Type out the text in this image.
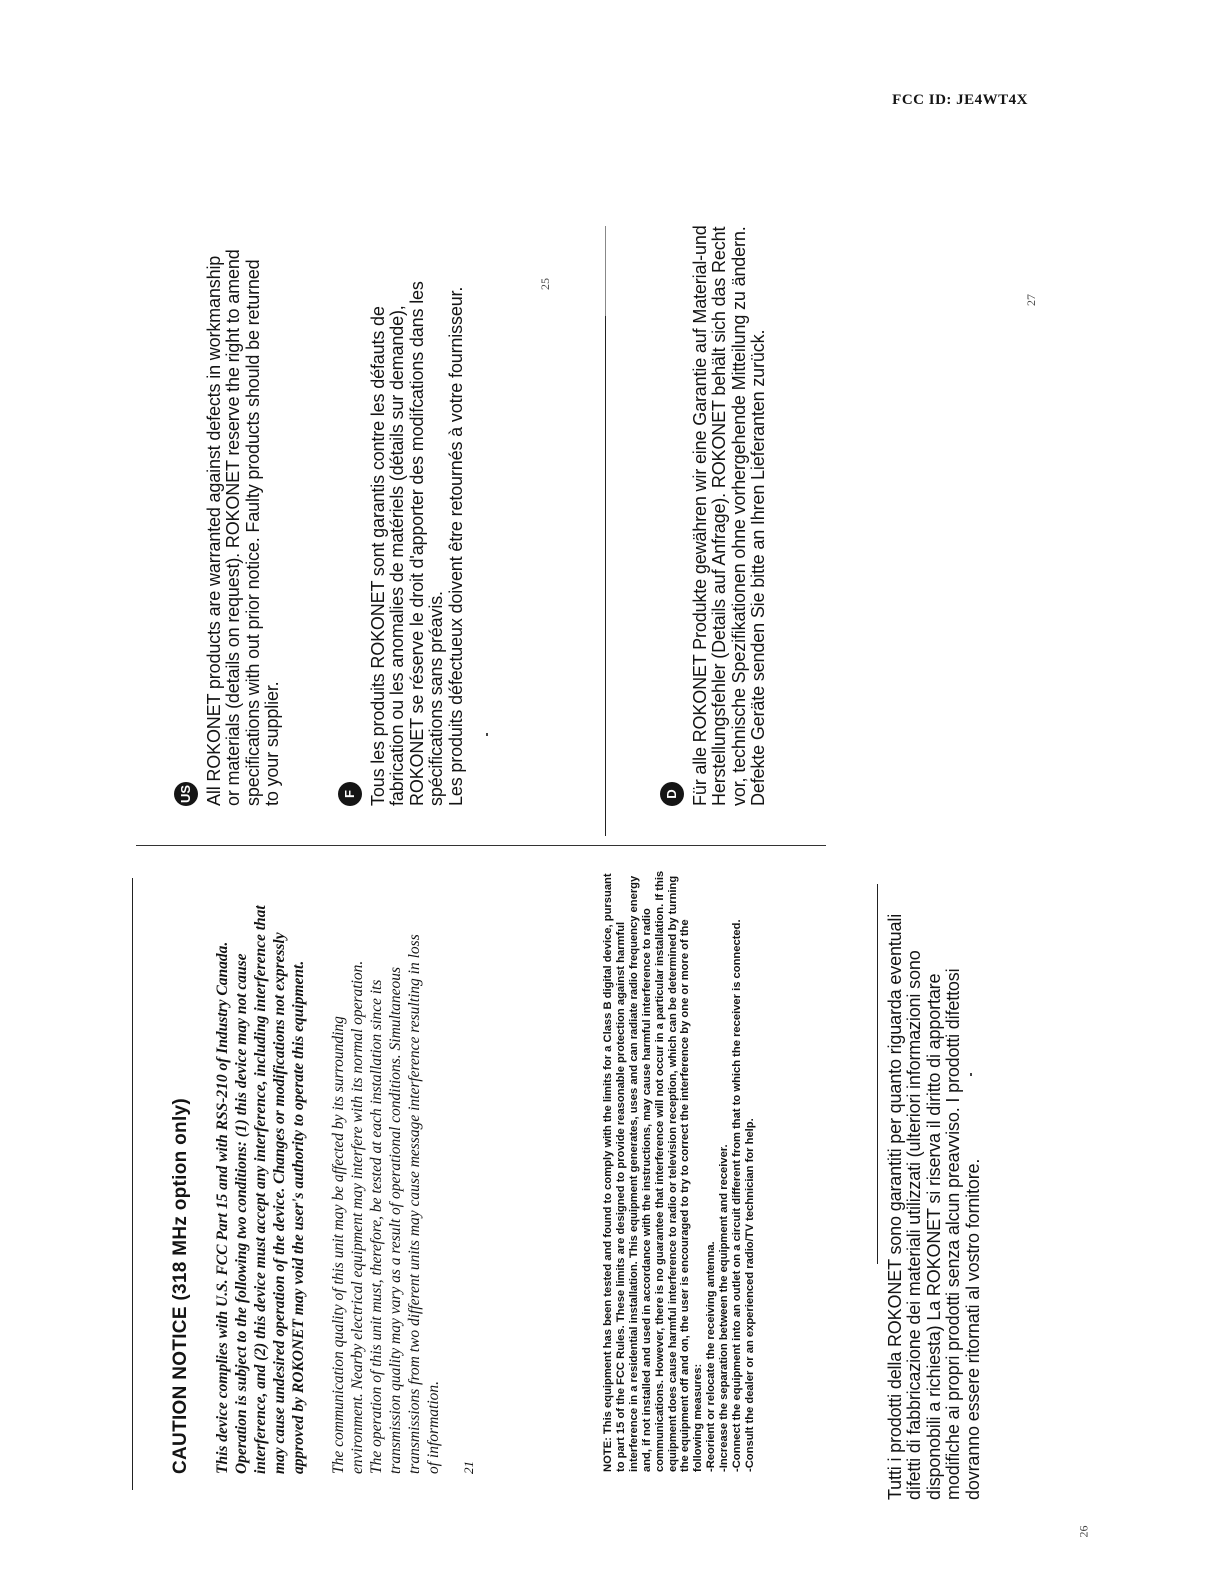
FCC ID: JE4WT4X
CAUTION NOTICE (318 MHz option only) This device complies with U.S. FCC Part 15 and with RSS-210 of Industry Canada. Operation is subject to the following two conditions: (1) this device may not cause interference, and (2) this device must accept any interference, including interference that may cause undesired operation of the device. Changes or modifications not expressly approved by ROKONET may void the user's authority to operate this equipment. The communication quality of this unit may be affected by its surrounding environment. Nearby electrical equipment may interfere with its normal operation. The operation of this unit must, therefore, be tested at each installation since its transmission quality may vary as a result of operational conditions. Simultaneous transmissions from two different units may cause message interference resulting in loss of information. 21	NOTE: This equipment has been tested and found to comply with the limits for a Class B digital device, pursuant to part 15 of the FCC Rules. These limits are designed to provide reasonable protection against harmful interference in a residential installation. This equipment generates, uses and can radiate radio frequency energy and, if not installed and used in accordance with the instructions, may cause harmful interference to radio communications. However, there is no guarantee that interference will not occur in a particular installation. If this equipment does cause harmful interference to radio or television reception, which can be determined by turning the equipment off and on, the user is encouraged to try to correct the interference by one or more of the following measures: -Reorient or relocate the receiving antenna. -Increase the separation between the equipment and receiver. -Connect the equipment into an outlet on a circuit different from that to which the receiver is connected. -Consult the dealer or an experienced radio/TV technician for help.
US All ROKONET products are warranted against defects in workmanship or materials (details on request). ROKONET reserve the right to amend specifications with out prior notice. Faulty products should be returned to your supplier.	F Tous les produits ROKONET sont garantis contre les défauts de fabrication ou les anomalies de matériels (détails sur demande), ROKONET se réserve le droit d'apporter des modifcations dans les spécifications sans préavis. Les produits défectueux doivent être retournés à votre fournisseur.

25
D Für alle ROKONET Produkte gewähren wir eine Garantie auf Material-und Herstellungsfehler (Details auf Anfrage). ROKONET behält sich das Recht vor, technische Spezifikationen ohne vorhergehende Mitteilung zu ändern. Defekte Geräte senden Sie bitte an Ihren Lieferanten zurück.

27

Tutti i prodotti della ROKONET sono garantiti per quanto riguarda eventuali difetti di fabbricazione dei materiali utilizzati (ulteriori informazioni sono disponobili a richiesta) La ROKONET si riserva il diritto di apportare modifiche ai propri prodotti senza alcun preavviso. I prodotti difettosi dovranno essere ritornati al vostro fornitore.

26
